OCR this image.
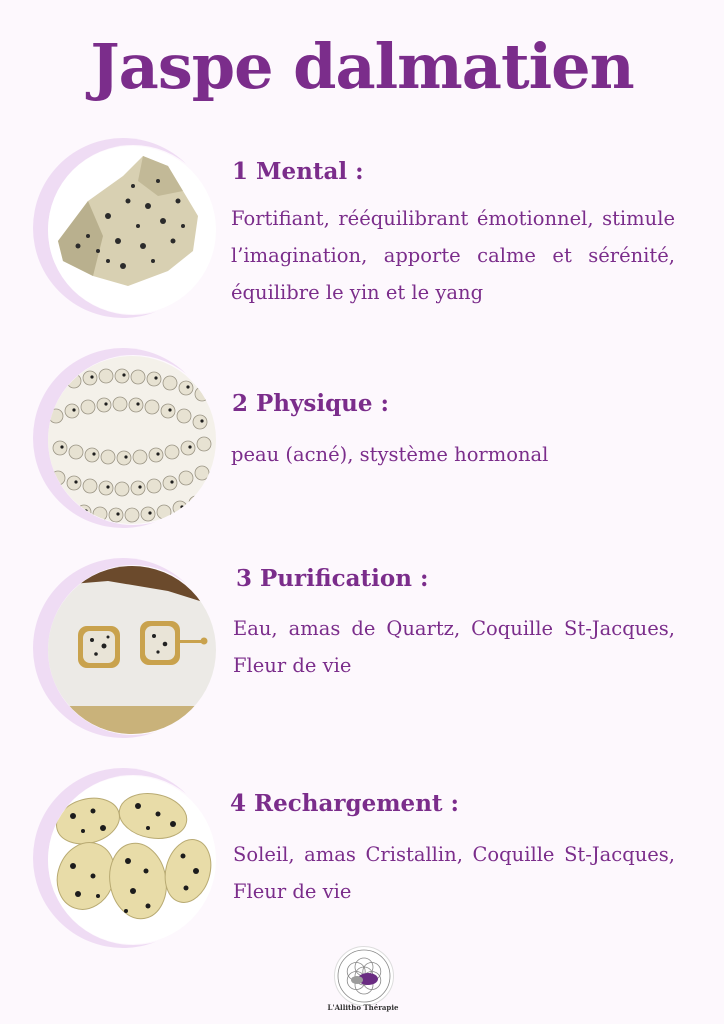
Jaspe dalmatien
1 Mental :

Fortifiant, rééquilibrant émotionnel, stimule l’imagination, apporte calme et sérénité, équilibre le yin et le yang

2 Physique :

peau (acné), stystème hormonal

3 Purification :

Eau, amas de Quartz, Coquille St-Jacques, Fleur de vie

4 Rechargement :

Soleil, amas Cristallin, Coquille St-Jacques, Fleur de vie

L'Allitho Thérapie
